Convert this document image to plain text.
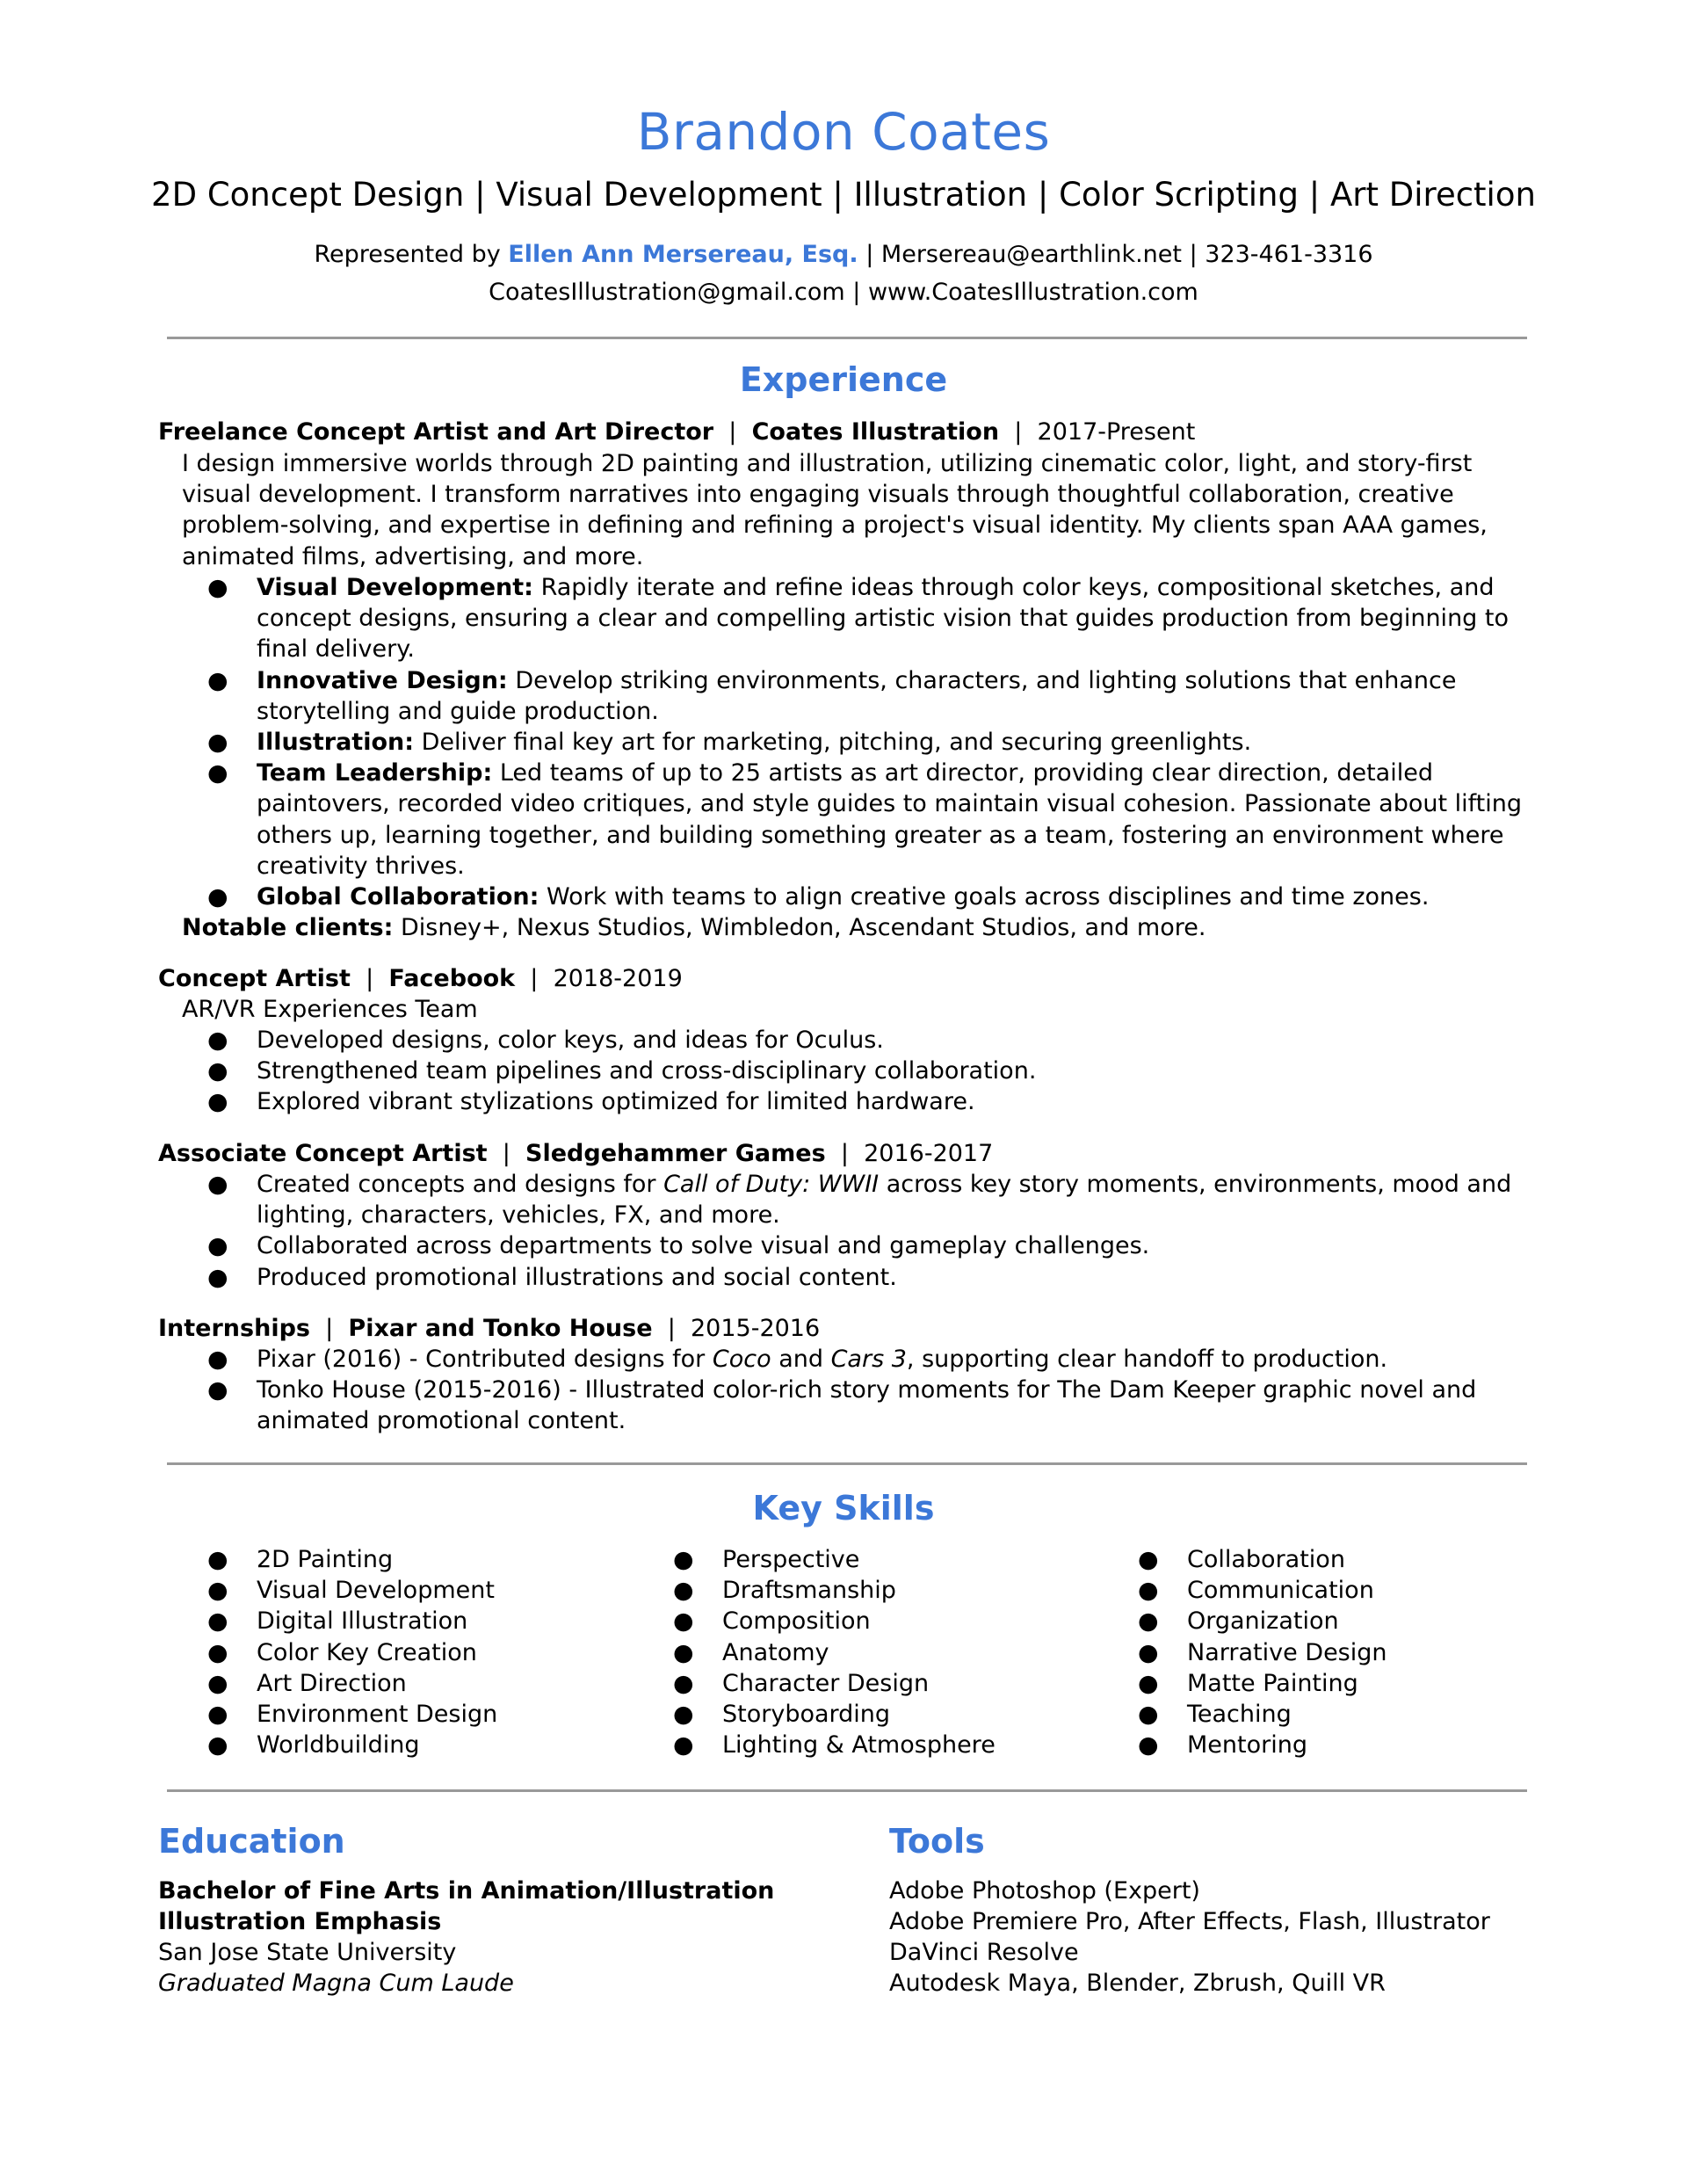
Brandon Coates
2D Concept Design | Visual Development | Illustration | Color Scripting | Art Direction
Represented by Ellen Ann Mersereau, Esq. | Mersereau@earthlink.net | 323-461-3316
CoatesIllustration@gmail.com | www.CoatesIllustration.com
Experience
Freelance Concept Artist and Art Director | Coates Illustration | 2017-Present
I design immersive worlds through 2D painting and illustration, utilizing cinematic color, light, and story-first visual development. I transform narratives into engaging visuals through thoughtful collaboration, creative problem-solving, and expertise in defining and refining a project's visual identity. My clients span AAA games, animated films, advertising, and more.
● Visual Development: Rapidly iterate and refine ideas through color keys, compositional sketches, and concept designs, ensuring a clear and compelling artistic vision that guides production from beginning to final delivery.
● Innovative Design: Develop striking environments, characters, and lighting solutions that enhance storytelling and guide production.
● Illustration: Deliver final key art for marketing, pitching, and securing greenlights.
● Team Leadership: Led teams of up to 25 artists as art director, providing clear direction, detailed paintovers, recorded video critiques, and style guides to maintain visual cohesion. Passionate about lifting others up, learning together, and building something greater as a team, fostering an environment where creativity thrives.
● Global Collaboration: Work with teams to align creative goals across disciplines and time zones.
Notable clients: Disney+, Nexus Studios, Wimbledon, Ascendant Studios, and more.
Concept Artist | Facebook | 2018-2019
AR/VR Experiences Team
● Developed designs, color keys, and ideas for Oculus.
● Strengthened team pipelines and cross-disciplinary collaboration.
● Explored vibrant stylizations optimized for limited hardware.
Associate Concept Artist | Sledgehammer Games | 2016-2017
● Created concepts and designs for Call of Duty: WWII across key story moments, environments, mood and lighting, characters, vehicles, FX, and more.
● Collaborated across departments to solve visual and gameplay challenges.
● Produced promotional illustrations and social content.
Internships | Pixar and Tonko House | 2015-2016
● Pixar (2016) - Contributed designs for Coco and Cars 3, supporting clear handoff to production.
● Tonko House (2015-2016) - Illustrated color-rich story moments for The Dam Keeper graphic novel and animated promotional content.
Key Skills
● 2D Painting
● Visual Development
● Digital Illustration
● Color Key Creation
● Art Direction
● Environment Design
● Worldbuilding
● Perspective
● Draftsmanship
● Composition
● Anatomy
● Character Design
● Storyboarding
● Lighting & Atmosphere
● Collaboration
● Communication
● Organization
● Narrative Design
● Matte Painting
● Teaching
● Mentoring
Education
Bachelor of Fine Arts in Animation/Illustration
Illustration Emphasis
San Jose State University
Graduated Magna Cum Laude
Tools
Adobe Photoshop (Expert)
Adobe Premiere Pro, After Effects, Flash, Illustrator
DaVinci Resolve
Autodesk Maya, Blender, Zbrush, Quill VR
